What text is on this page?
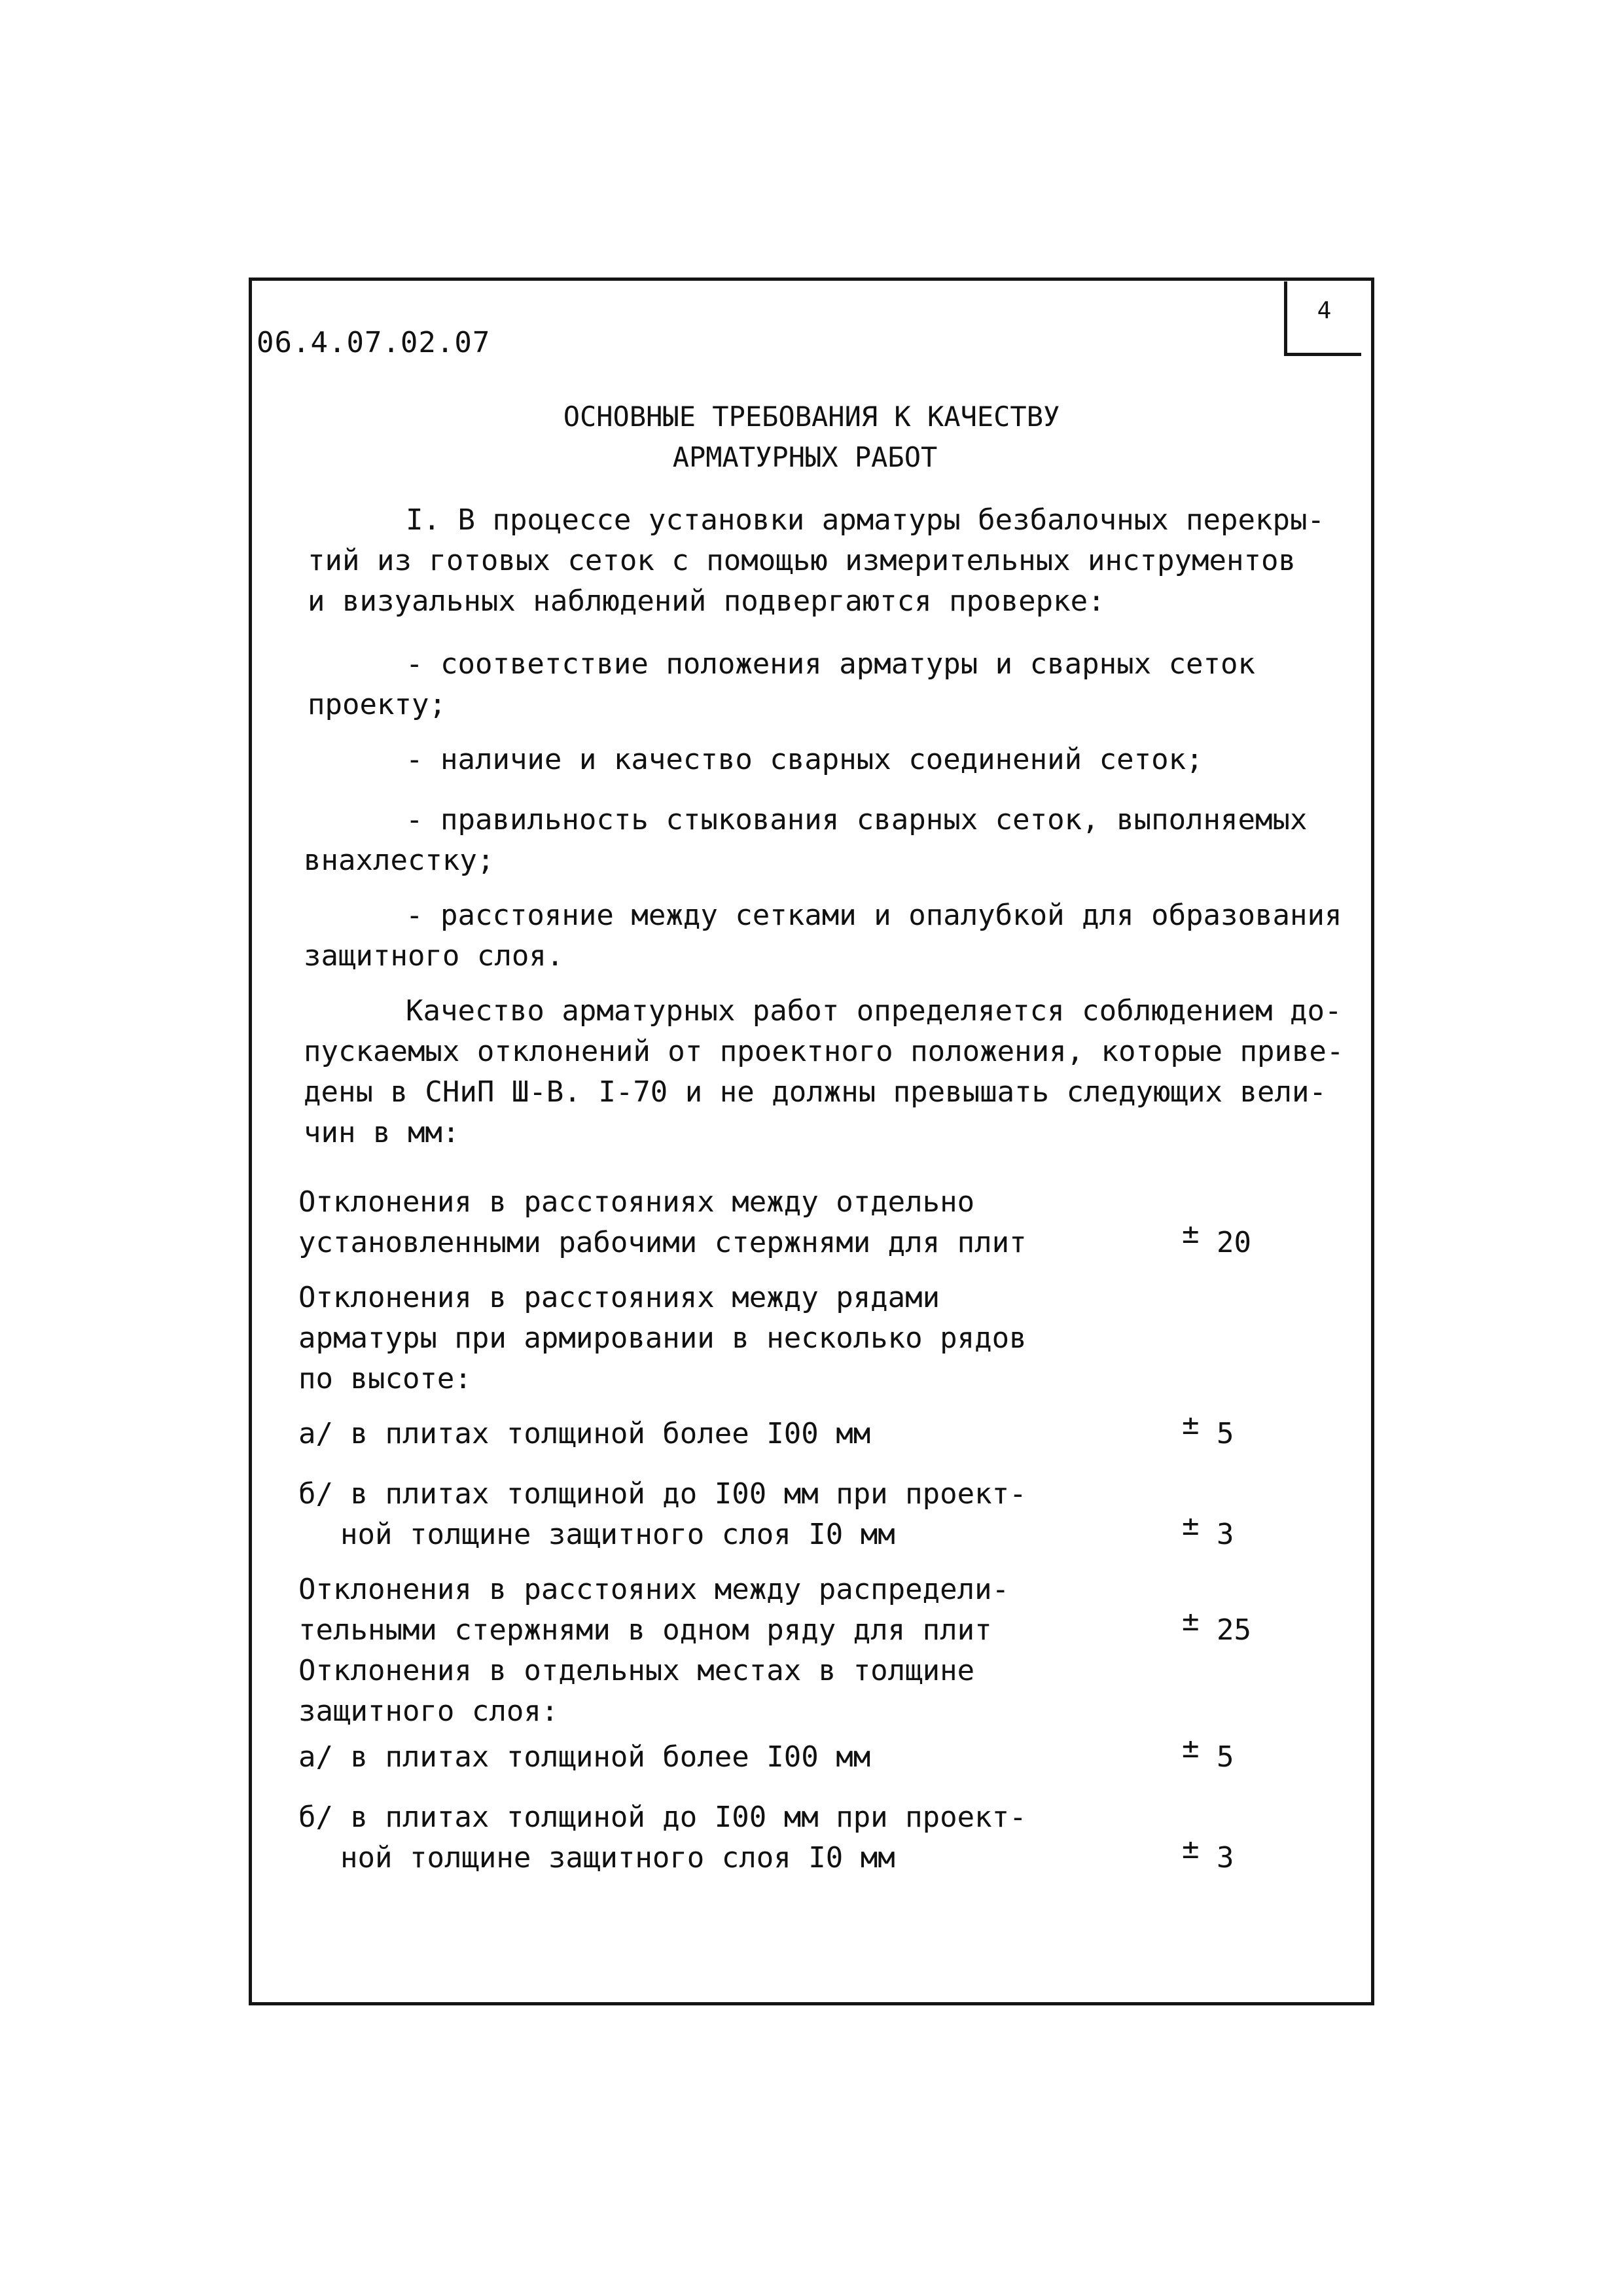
06.4.07.02.07
4
ОСНОВНЫЕ ТРЕБОВАНИЯ К КАЧЕСТВУ
АРМАТУРНЫХ РАБОТ
I. В процессе установки арматуры безбалочных перекры-
тий из готовых сеток с помощью измерительных инструментов
и визуальных наблюдений подвергаются проверке:
- соответствие положения арматуры и сварных сеток
проекту;
- наличие и качество сварных соединений сеток;
- правильность стыкования сварных сеток, выполняемых
внахлестку;
- расстояние между сетками и опалубкой для образования
защитного слоя.
Качество арматурных работ определяется соблюдением до-
пускаемых отклонений от проектного положения, которые приве-
дены в СНиП Ш-В. I-70 и не должны превышать следующих вели-
чин в мм:
Отклонения в расстояниях между отдельно
установленными рабочими стержнями для плит	± 20
Отклонения в расстояниях между рядами
арматуры при армировании в несколько рядов
по высоте:
а/ в плитах толщиной более I00 мм	± 5
б/ в плитах толщиной до I00 мм при проект-
ной толщине защитного слоя I0 мм	± 3
Отклонения в расстояних между распредели-
тельными стержнями в одном ряду для плит	± 25
Отклонения в отдельных местах в толщине
защитного слоя:
а/ в плитах толщиной более I00 мм	± 5
б/ в плитах толщиной до I00 мм при проект-
ной толщине защитного слоя I0 мм	± 3
